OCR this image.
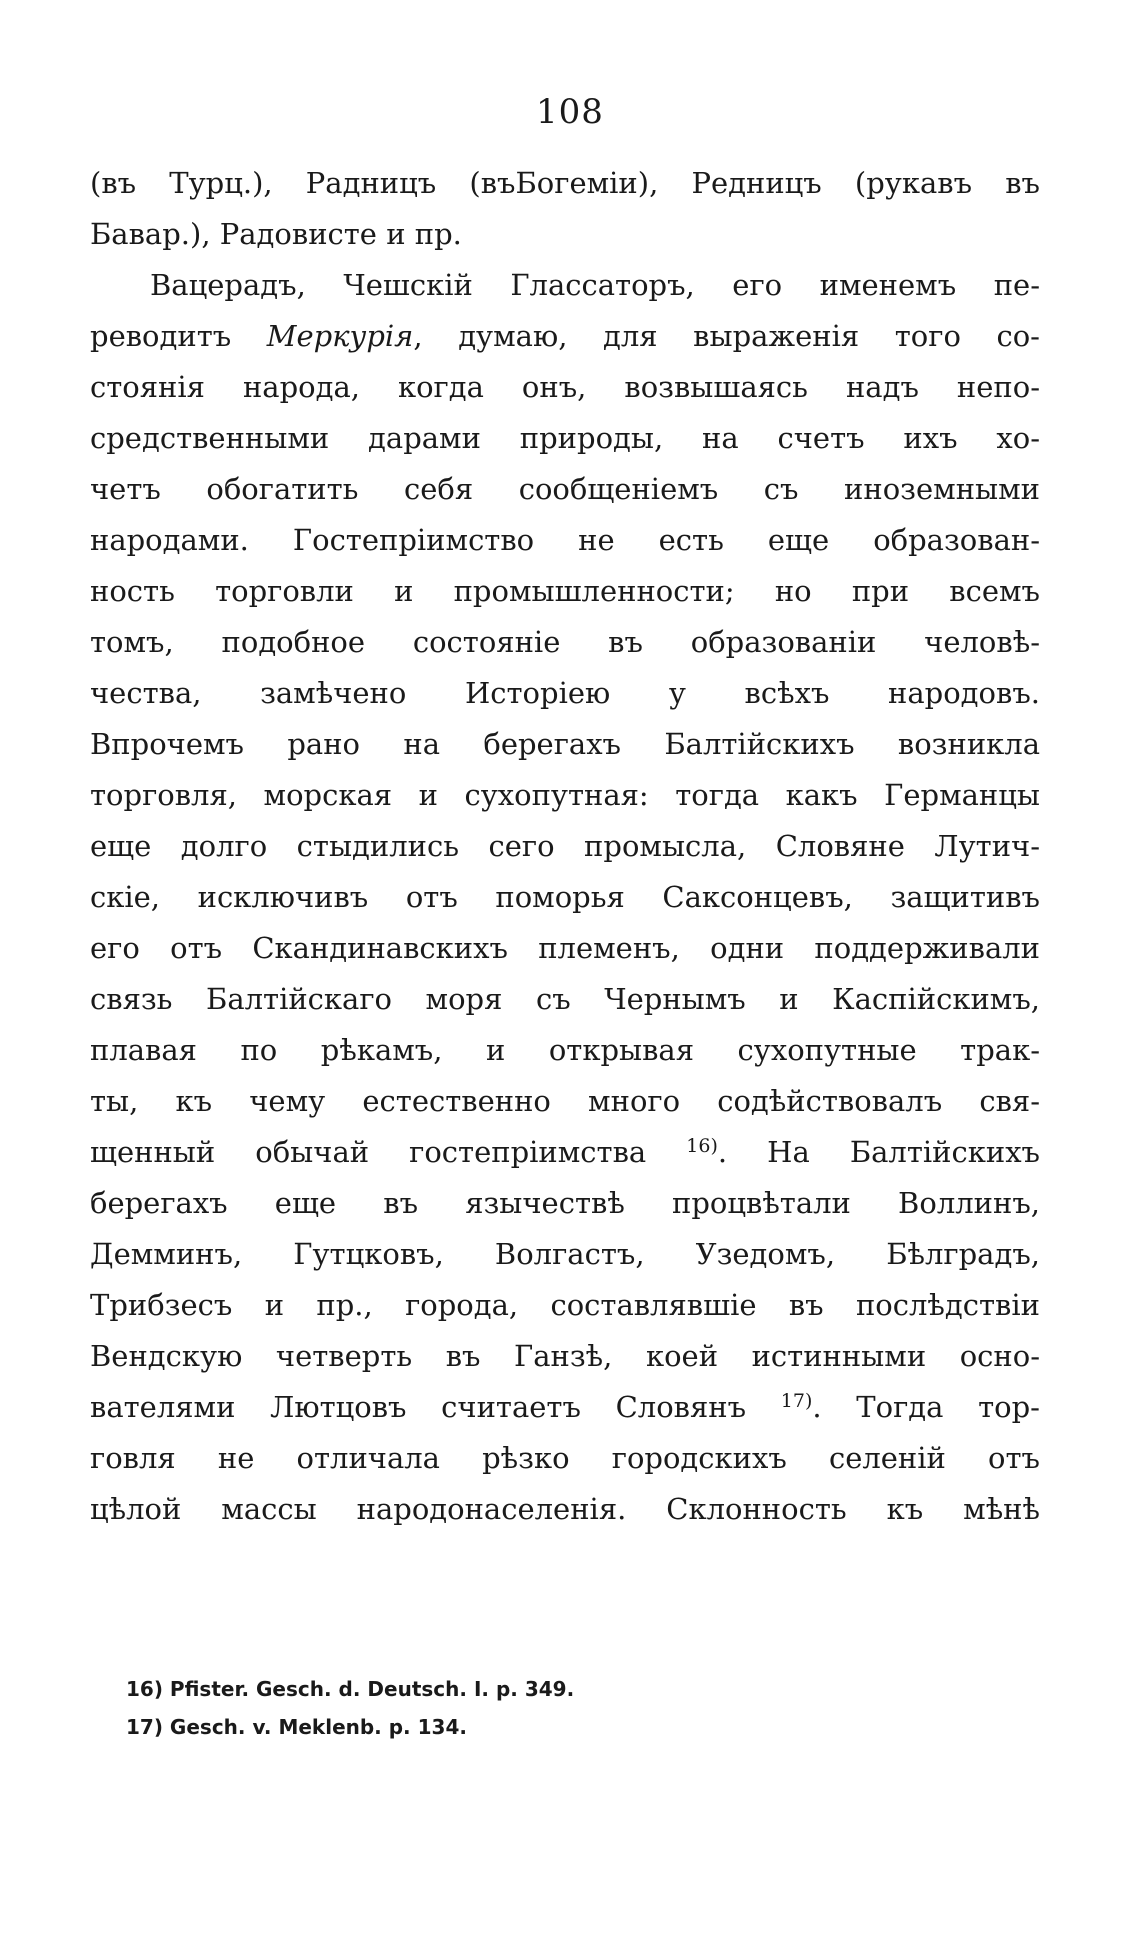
108
(въ Турц.), Радницъ (въБогеміи), Редницъ (рукавъ въ
Бавар.), Радовисте и пр.
Вацерадъ, Чешскій Глассаторъ, его именемъ пе-
реводитъ Меркурія, думаю, для выраженія того со-
стоянія народа, когда онъ, возвышаясь надъ непо-
средственными дарами природы, на счетъ ихъ хо-
четъ обогатить себя сообщеніемъ съ иноземными
народами. Гостепріимство не есть еще образован-
ность торговли и промышленности; но при всемъ
томъ, подобное состояніе въ образованіи человѣ-
чества, замѣчено Исторіею у всѣхъ народовъ.
Впрочемъ рано на берегахъ Балтійскихъ возникла
торговля, морская и сухопутная: тогда какъ Германцы
еще долго стыдились сего промысла, Словяне Лутич-
скіе, исключивъ отъ поморья Саксонцевъ, защитивъ
его отъ Скандинавскихъ племенъ, одни поддерживали
связь Балтійскаго моря съ Чернымъ и Каспійскимъ,
плавая по рѣкамъ, и открывая сухопутные трак-
ты, къ чему естественно много содѣйствовалъ свя-
щенный обычай гостепріимства $^{16)}$. На Балтійскихъ
берегахъ еще въ язычествѣ процвѣтали Воллинъ,
Демминъ, Гутцковъ, Волгастъ, Узедомъ, Бѣлградъ,
Трибзесъ и пр., города, составлявшіе въ послѣдствіи
Вендскую четверть въ Ганзѣ, коей истинными осно-
вателями Лютцовъ считаетъ Словянъ $^{17)}$. Тогда тор-
говля не отличала рѣзко городскихъ селеній отъ
цѣлой массы народонаселенія. Склонность къ мѣнѣ
16) Pfister. Gesch. d. Deutsch. I. p. 349.
17) Gesch. v. Meklenb. p. 134.
